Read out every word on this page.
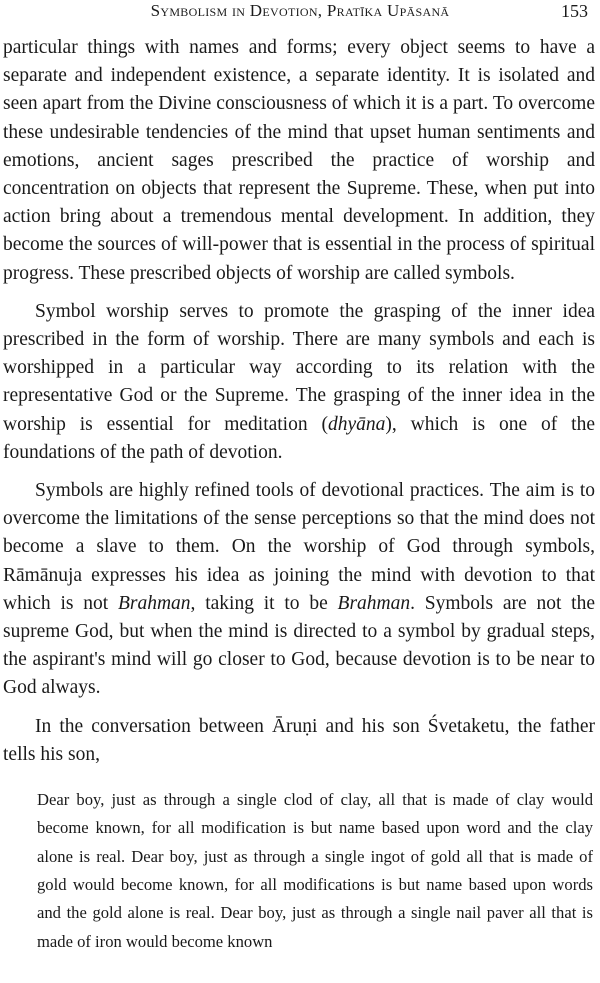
Symbolism in Devotion, Pratīka Upāsanā	153

particular things with names and forms; every object seems to have a separate and independent existence, a separate identity. It is isolated and seen apart from the Divine consciousness of which it is a part. To overcome these undesirable tendencies of the mind that upset human sentiments and emotions, ancient sages prescribed the practice of worship and concentration on objects that represent the Supreme. These, when put into action bring about a tremendous mental development. In addition, they become the sources of will-power that is essential in the process of spiritual progress. These prescribed objects of worship are called symbols.

Symbol worship serves to promote the grasping of the inner idea prescribed in the form of worship. There are many symbols and each is worshipped in a particular way according to its relation with the representative God or the Supreme. The grasping of the inner idea in the worship is essential for meditation (dhyāna), which is one of the foundations of the path of devotion.

Symbols are highly refined tools of devotional practices. The aim is to overcome the limitations of the sense perceptions so that the mind does not become a slave to them. On the worship of God through symbols, Rāmānuja expresses his idea as joining the mind with devotion to that which is not Brahman, taking it to be Brahman. Symbols are not the supreme God, but when the mind is directed to a symbol by gradual steps, the aspirant's mind will go closer to God, because devotion is to be near to God always.

In the conversation between Āruṇi and his son Śvetaketu, the father tells his son,

Dear boy, just as through a single clod of clay, all that is made of clay would become known, for all modification is but name based upon word and the clay alone is real. Dear boy, just as through a single ingot of gold all that is made of gold would become known, for all modifications is but name based upon words and the gold alone is real. Dear boy, just as through a single nail paver all that is made of iron would become known
